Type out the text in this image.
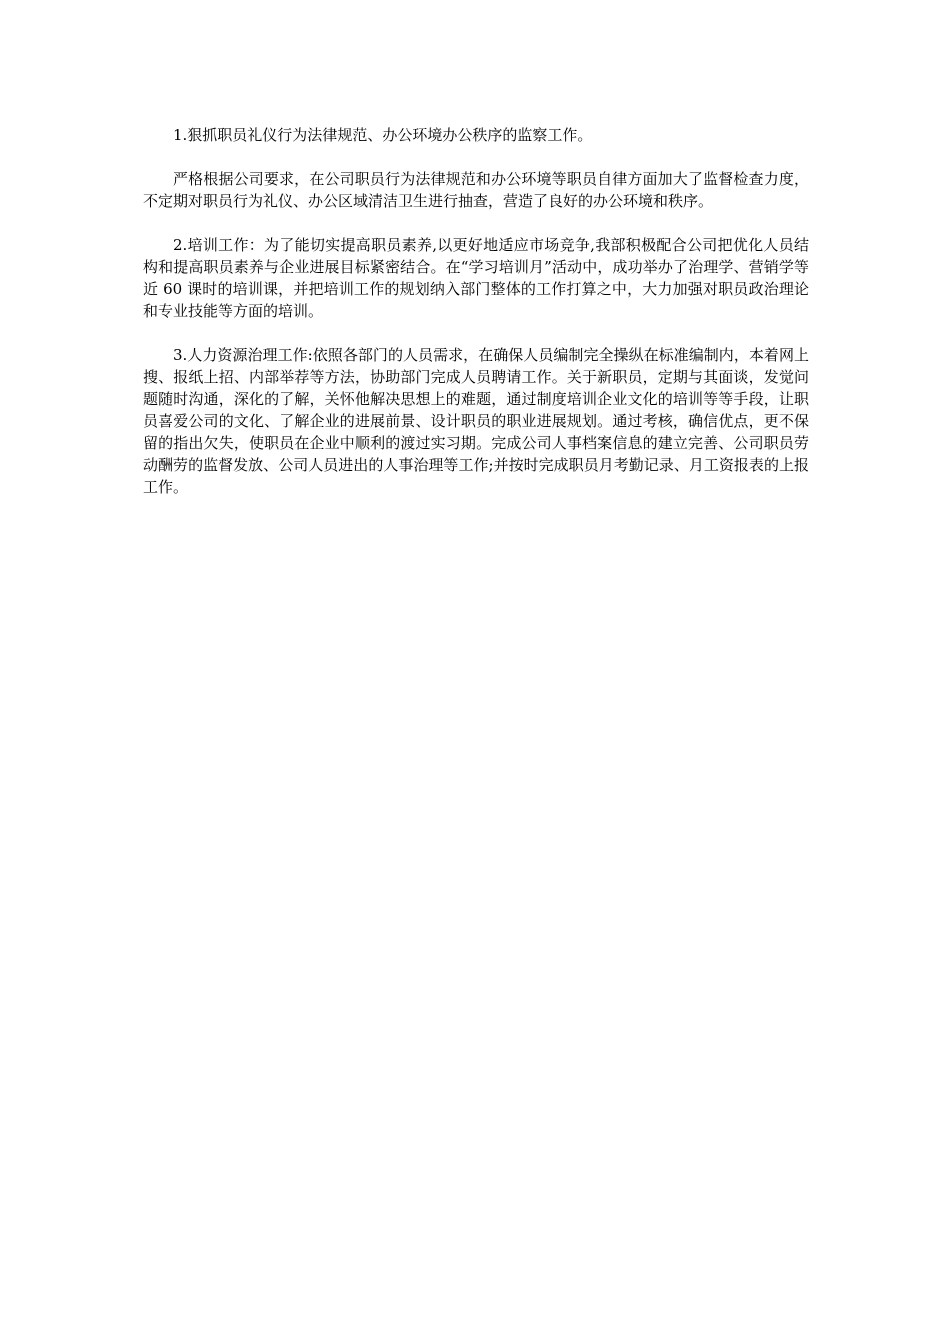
1.狠抓职员礼仪行为法律规范、办公环境办公秩序的监察工作。

严格根据公司要求，在公司职员行为法律规范和办公环境等职员自律方面加大了监督检查力度，不定期对职员行为礼仪、办公区域清洁卫生进行抽查，营造了良好的办公环境和秩序。

2.培训工作：为了能切实提高职员素养,以更好地适应市场竞争,我部积极配合公司把优化人员结构和提高职员素养与企业进展目标紧密结合。在“学习培训月”活动中，成功举办了治理学、营销学等近 60 课时的培训课，并把培训工作的规划纳入部门整体的工作打算之中，大力加强对职员政治理论和专业技能等方面的培训。

3.人力资源治理工作:依照各部门的人员需求，在确保人员编制完全操纵在标准编制内，本着网上搜、报纸上招、内部举荐等方法，协助部门完成人员聘请工作。关于新职员，定期与其面谈，发觉问题随时沟通，深化的了解，关怀他解决思想上的难题，通过制度培训企业文化的培训等等手段，让职员喜爱公司的文化、了解企业的进展前景、设计职员的职业进展规划。通过考核，确信优点，更不保留的指出欠失，使职员在企业中顺利的渡过实习期。完成公司人事档案信息的建立完善、公司职员劳动酬劳的监督发放、公司人员进出的人事治理等工作;并按时完成职员月考勤记录、月工资报表的上报工作。
